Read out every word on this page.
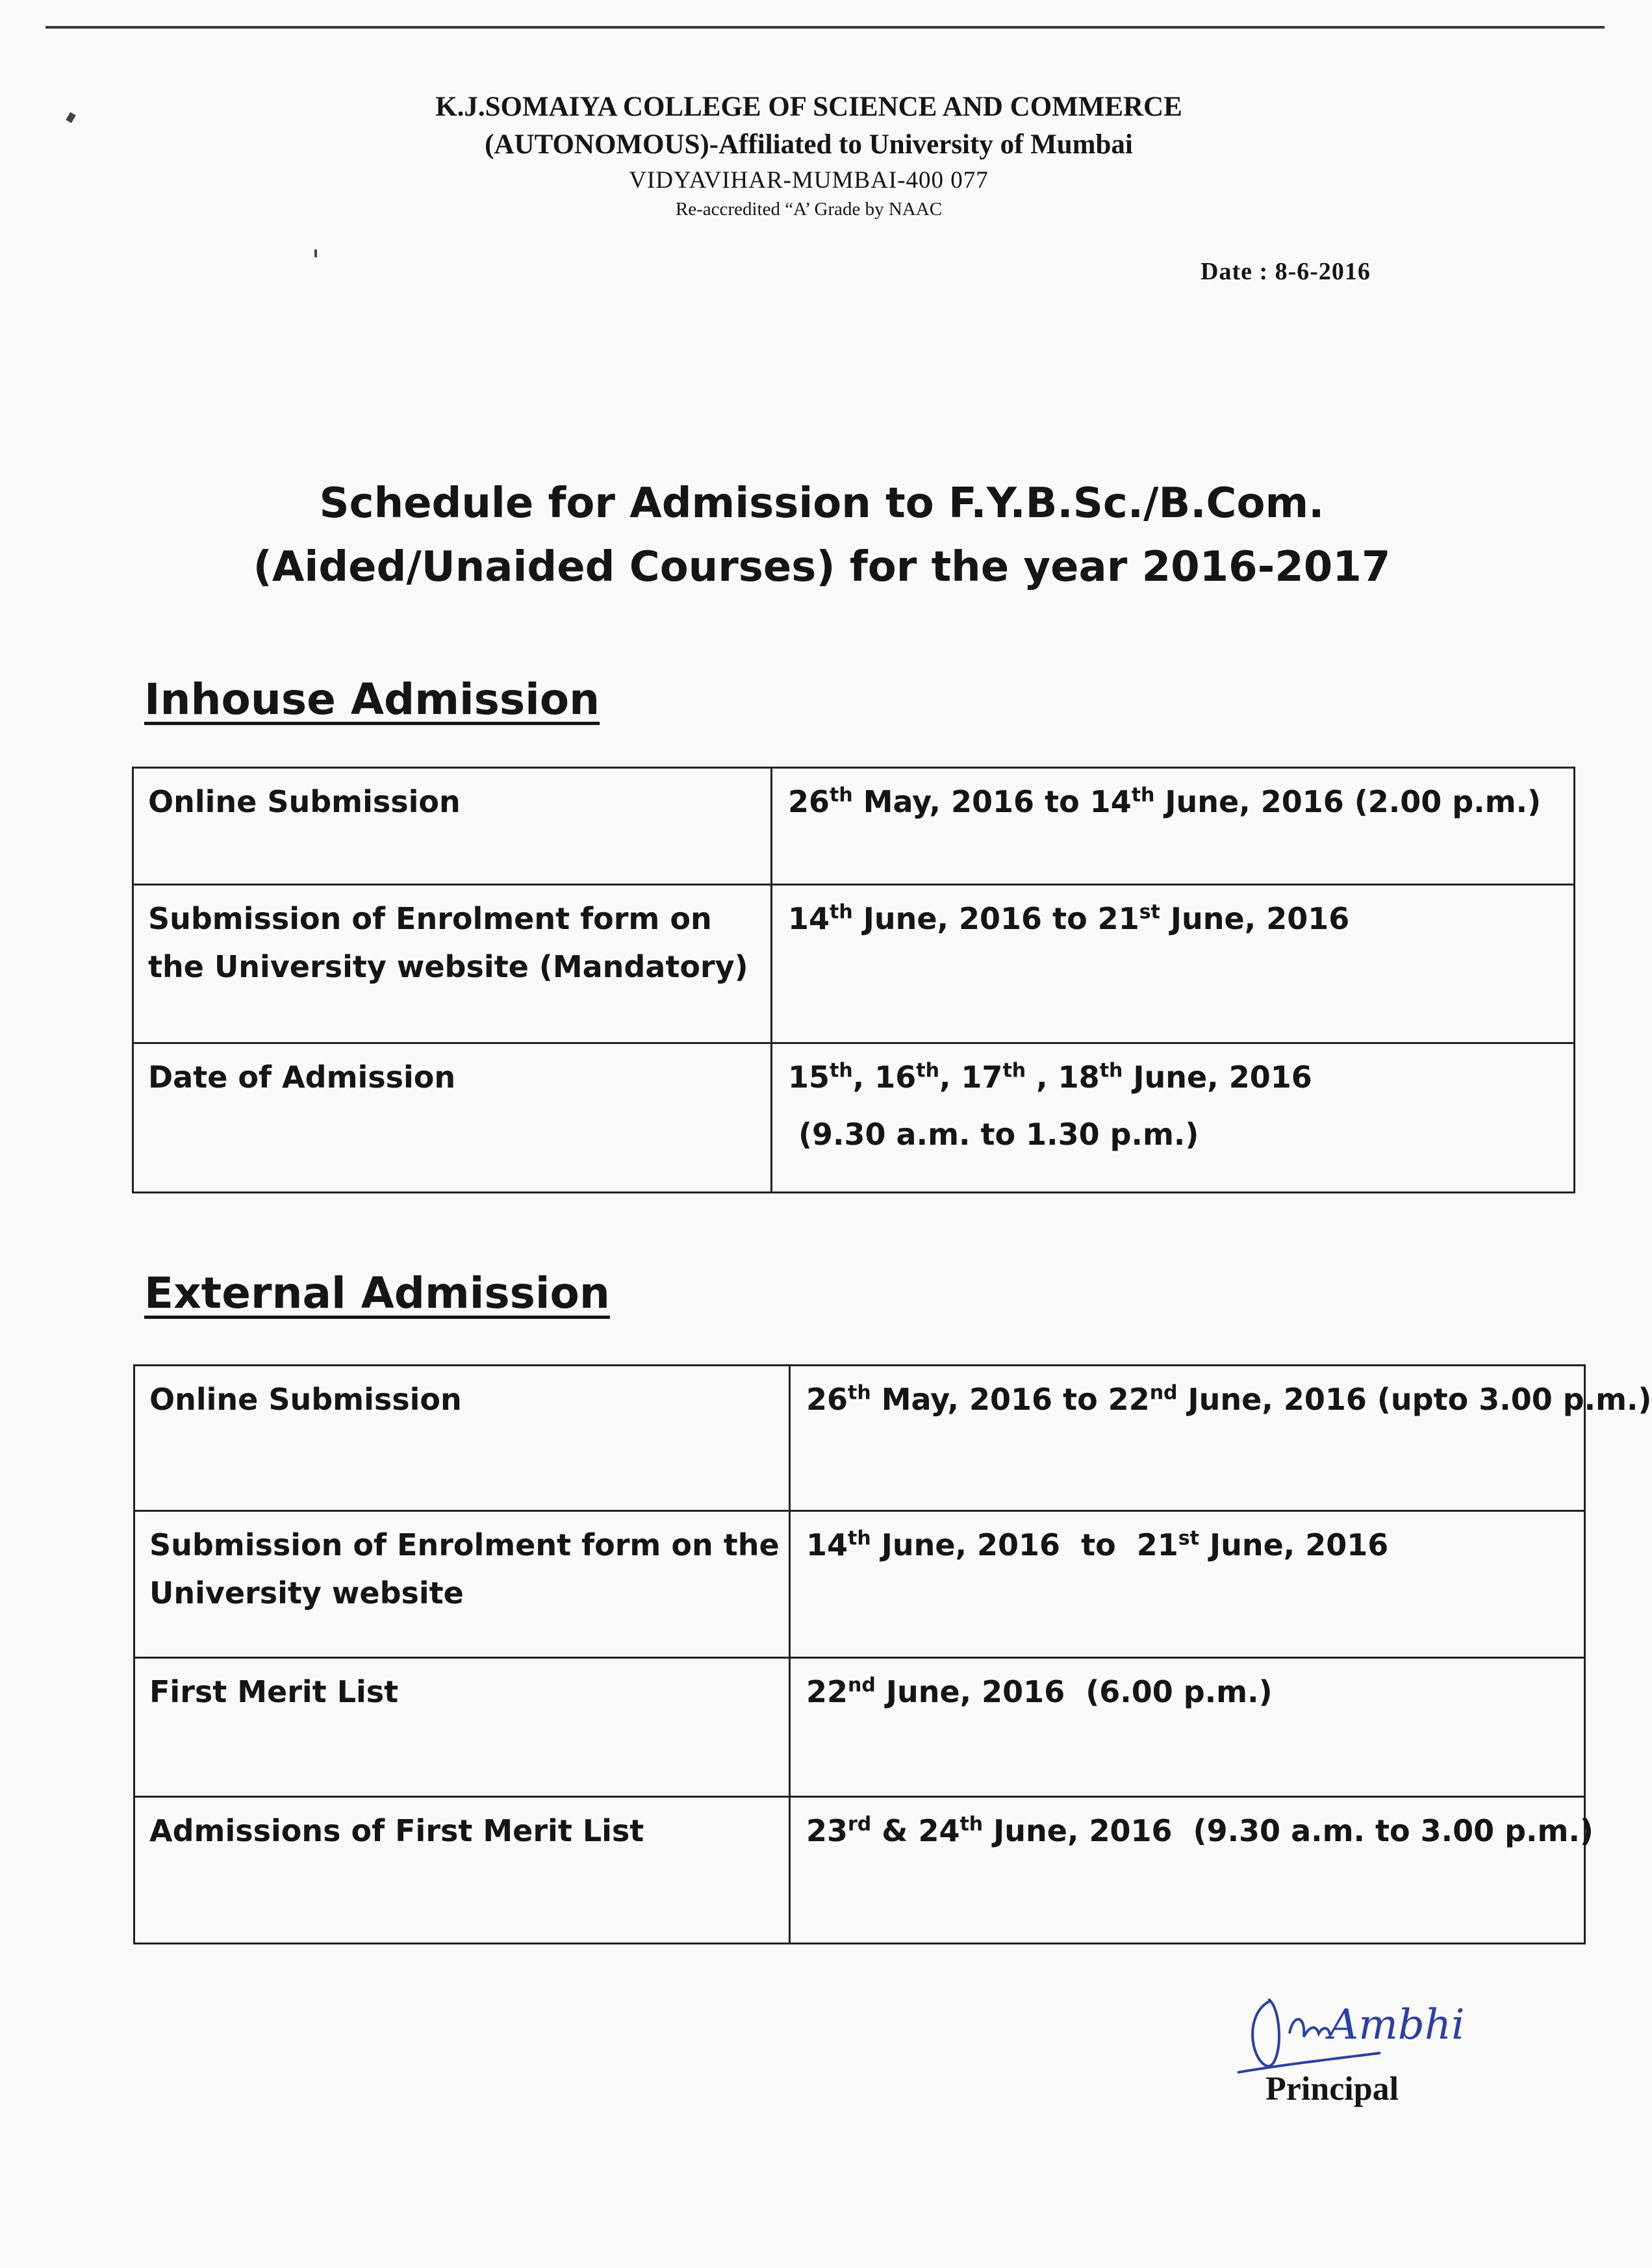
K.J.SOMAIYA COLLEGE OF SCIENCE AND COMMERCE
(AUTONOMOUS)-Affiliated to University of Mumbai
VIDYAVIHAR-MUMBAI-400 077
Re-accredited “A’ Grade by NAAC
Date : 8-6-2016
Schedule for Admission to F.Y.B.Sc./B.Com.
(Aided/Unaided Courses) for the year 2016-2017
Inhouse Admission
Online Submission	26th May, 2016 to 14th June, 2016 (2.00 p.m.)

Submission of Enrolment form on
the University website (Mandatory)	14th June, 2016 to 21st June, 2016

Date of Admission	15th, 16th, 17th , 18th June, 2016
(9.30 a.m. to 1.30 p.m.)
External Admission
Online Submission	26th May, 2016 to 22nd June, 2016 (upto 3.00 p.m.)

Submission of Enrolment form on the
University website	14th June, 2016  to  21st June, 2016

First Merit List	22nd June, 2016  (6.00 p.m.)

Admissions of First Merit List	23rd & 24th June, 2016  (9.30 a.m. to 3.00 p.m.)
Ambhi
Principal
